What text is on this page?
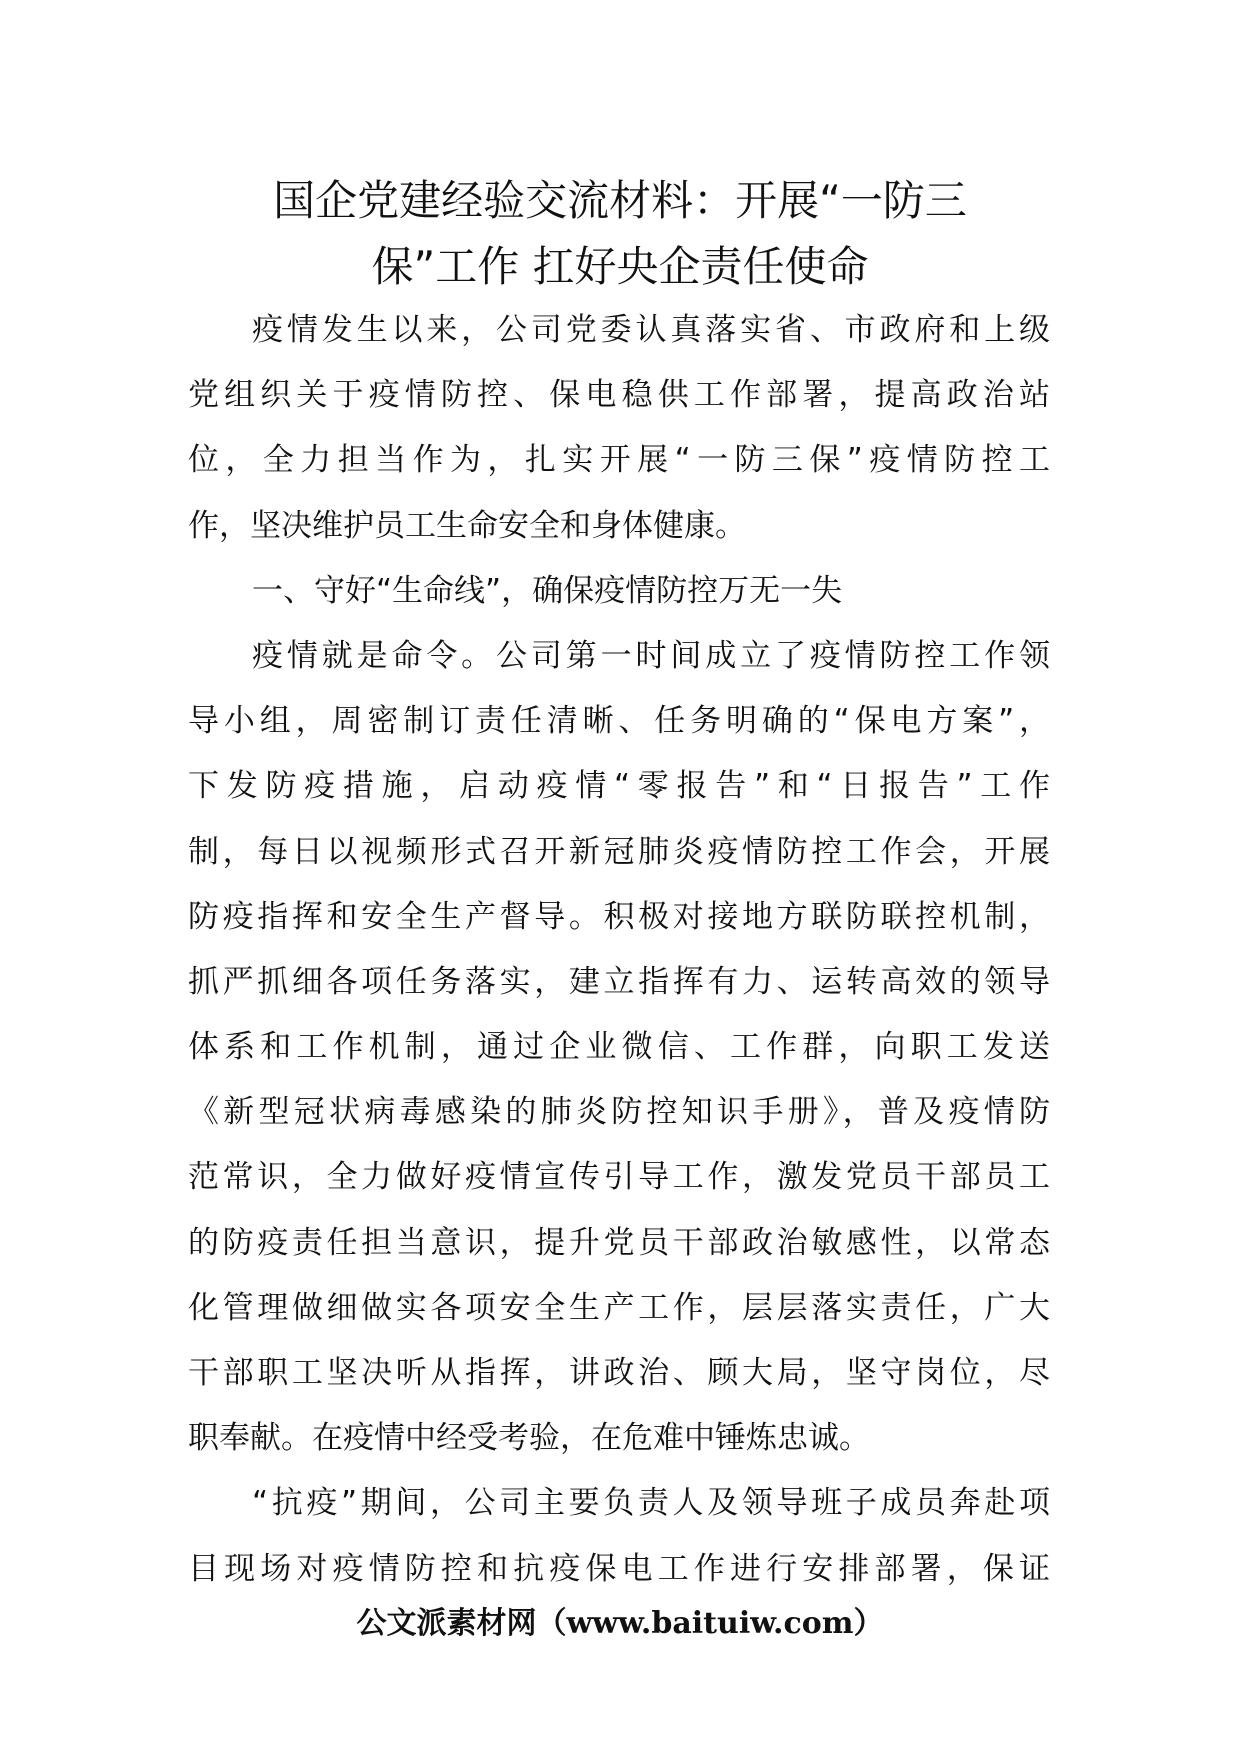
国企党建经验交流材料：开展“一防三
保”工作 扛好央企责任使命
疫情发生以来，公司党委认真落实省、市政府和上级
党组织关于疫情防控、保电稳供工作部署，提高政治站
位，全力担当作为，扎实开展“一防三保”疫情防控工
作，坚决维护员工生命安全和身体健康。
一、守好“生命线”，确保疫情防控万无一失
疫情就是命令。公司第一时间成立了疫情防控工作领
导小组，周密制订责任清晰、任务明确的“保电方案”，
下发防疫措施，启动疫情“零报告”和“日报告”工作
制，每日以视频形式召开新冠肺炎疫情防控工作会，开展
防疫指挥和安全生产督导。积极对接地方联防联控机制，
抓严抓细各项任务落实，建立指挥有力、运转高效的领导
体系和工作机制，通过企业微信、工作群，向职工发送
《新型冠状病毒感染的肺炎防控知识手册》，普及疫情防
范常识，全力做好疫情宣传引导工作，激发党员干部员工
的防疫责任担当意识，提升党员干部政治敏感性，以常态
化管理做细做实各项安全生产工作，层层落实责任，广大
干部职工坚决听从指挥，讲政治、顾大局，坚守岗位，尽
职奉献。在疫情中经受考验，在危难中锤炼忠诚。
“抗疫”期间，公司主要负责人及领导班子成员奔赴项
目现场对疫情防控和抗疫保电工作进行安排部署，保证
公文派素材网（www.baituiw.com）
